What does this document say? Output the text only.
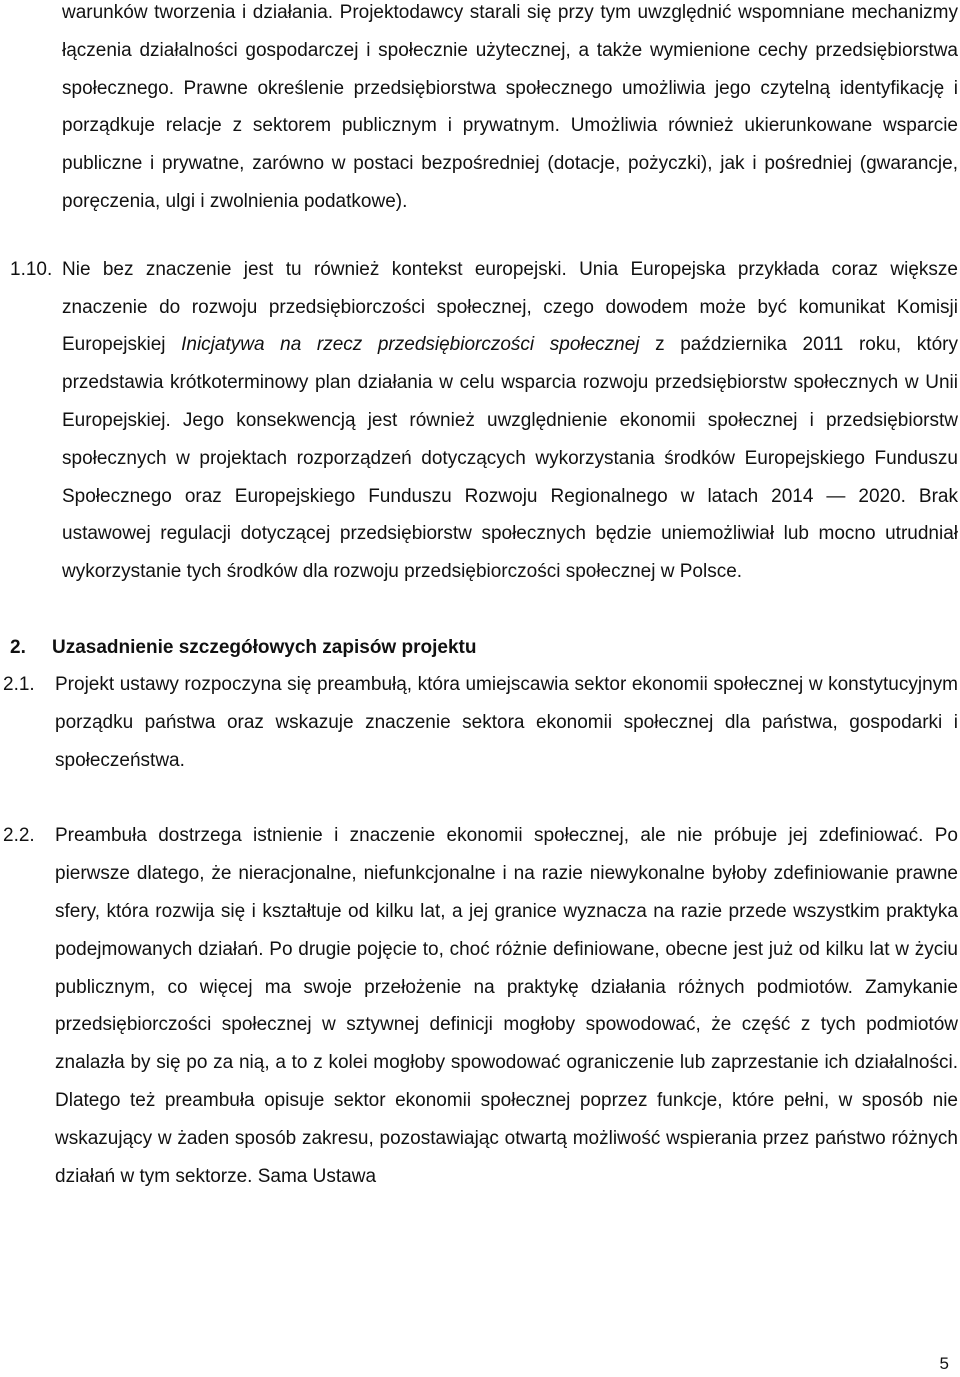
warunków tworzenia i działania. Projektodawcy starali się przy tym uwzględnić wspomniane mechanizmy łączenia działalności gospodarczej i społecznie użytecznej, a także wymienione cechy przedsiębiorstwa społecznego. Prawne określenie przedsiębiorstwa społecznego umożliwia jego czytelną identyfikację i porządkuje relacje z sektorem publicznym i prywatnym. Umożliwia również ukierunkowane wsparcie publiczne i prywatne, zarówno w postaci bezpośredniej (dotacje, pożyczki), jak i pośredniej (gwarancje, poręczenia, ulgi i zwolnienia podatkowe).

1.10. Nie bez znaczenie jest tu również kontekst europejski. Unia Europejska przykłada coraz większe znaczenie do rozwoju przedsiębiorczości społecznej, czego dowodem może być komunikat Komisji Europejskiej Inicjatywa na rzecz przedsiębiorczości społecznej z października 2011 roku, który przedstawia krótkoterminowy plan działania w celu wsparcia rozwoju przedsiębiorstw społecznych w Unii Europejskiej. Jego konsekwencją jest również uwzględnienie ekonomii społecznej i przedsiębiorstw społecznych w projektach rozporządzeń dotyczących wykorzystania środków Europejskiego Funduszu Społecznego oraz Europejskiego Funduszu Rozwoju Regionalnego w latach 2014 — 2020. Brak ustawowej regulacji dotyczącej przedsiębiorstw społecznych będzie uniemożliwiał lub mocno utrudniał wykorzystanie tych środków dla rozwoju przedsiębiorczości społecznej w Polsce.

2. Uzasadnienie szczegółowych zapisów projektu

2.1. Projekt ustawy rozpoczyna się preambułą, która umiejscawia sektor ekonomii społecznej w konstytucyjnym porządku państwa oraz wskazuje znaczenie sektora ekonomii społecznej dla państwa, gospodarki i społeczeństwa.

2.2. Preambuła dostrzega istnienie i znaczenie ekonomii społecznej, ale nie próbuje jej zdefiniować. Po pierwsze dlatego, że nieracjonalne, niefunkcjonalne i na razie niewykonalne byłoby zdefiniowanie prawne sfery, która rozwija się i kształtuje od kilku lat, a jej granice wyznacza na razie przede wszystkim praktyka podejmowanych działań. Po drugie pojęcie to, choć różnie definiowane, obecne jest już od kilku lat w życiu publicznym, co więcej ma swoje przełożenie na praktykę działania różnych podmiotów. Zamykanie przedsiębiorczości społecznej w sztywnej definicji mogłoby spowodować, że część z tych podmiotów znalazła by się po za nią, a to z kolei mogłoby spowodować ograniczenie lub zaprzestanie ich działalności. Dlatego też preambuła opisuje sektor ekonomii społecznej poprzez funkcje, które pełni, w sposób nie wskazujący w żaden sposób zakresu, pozostawiając otwartą możliwość wspierania przez państwo różnych działań w tym sektorze. Sama Ustawa

5
